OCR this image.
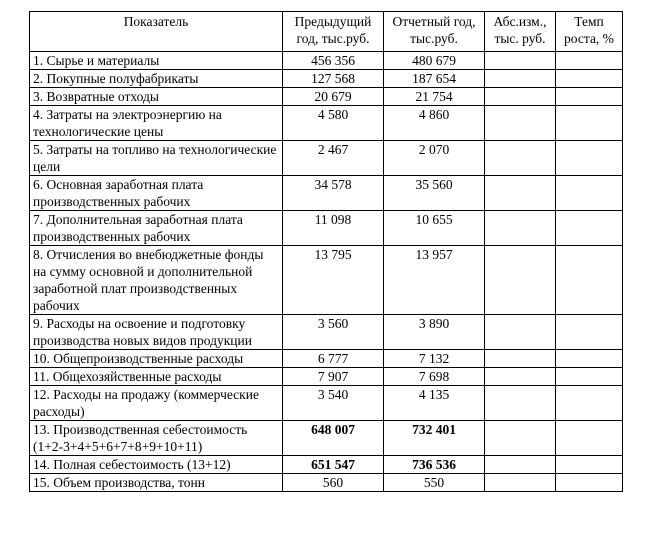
Показатель	Предыдущий год, тыс.руб.	Отчетный год, тыс.руб.	Абс.изм., тыс. руб.	Темп роста, %
1. Сырье и материалы	456 356	480 679		
2. Покупные полуфабрикаты	127 568	187 654		
3. Возвратные отходы	20 679	21 754		
4. Затраты на электроэнергию на технологические цены	4 580	4 860		
5. Затраты на топливо на технологические цели	2 467	2 070		
6. Основная заработная плата производственных рабочих	34 578	35 560		
7. Дополнительная заработная плата производственных рабочих	11 098	10 655		
8. Отчисления во внебюджетные фонды на сумму основной и дополнительной заработной плат производственных рабочих	13 795	13 957		
9. Расходы на освоение и подготовку производства новых видов продукции	3 560	3 890		
10. Общепроизводственные расходы	6 777	7 132		
11. Общехозяйственные расходы	7 907	7 698		
12. Расходы на продажу (коммерческие расходы)	3 540	4 135		
13. Производственная себестоимость (1+2-3+4+5+6+7+8+9+10+11)	648 007	732 401		
14. Полная себестоимость (13+12)	651 547	736 536		
15. Объем производства, тонн	560	550		
